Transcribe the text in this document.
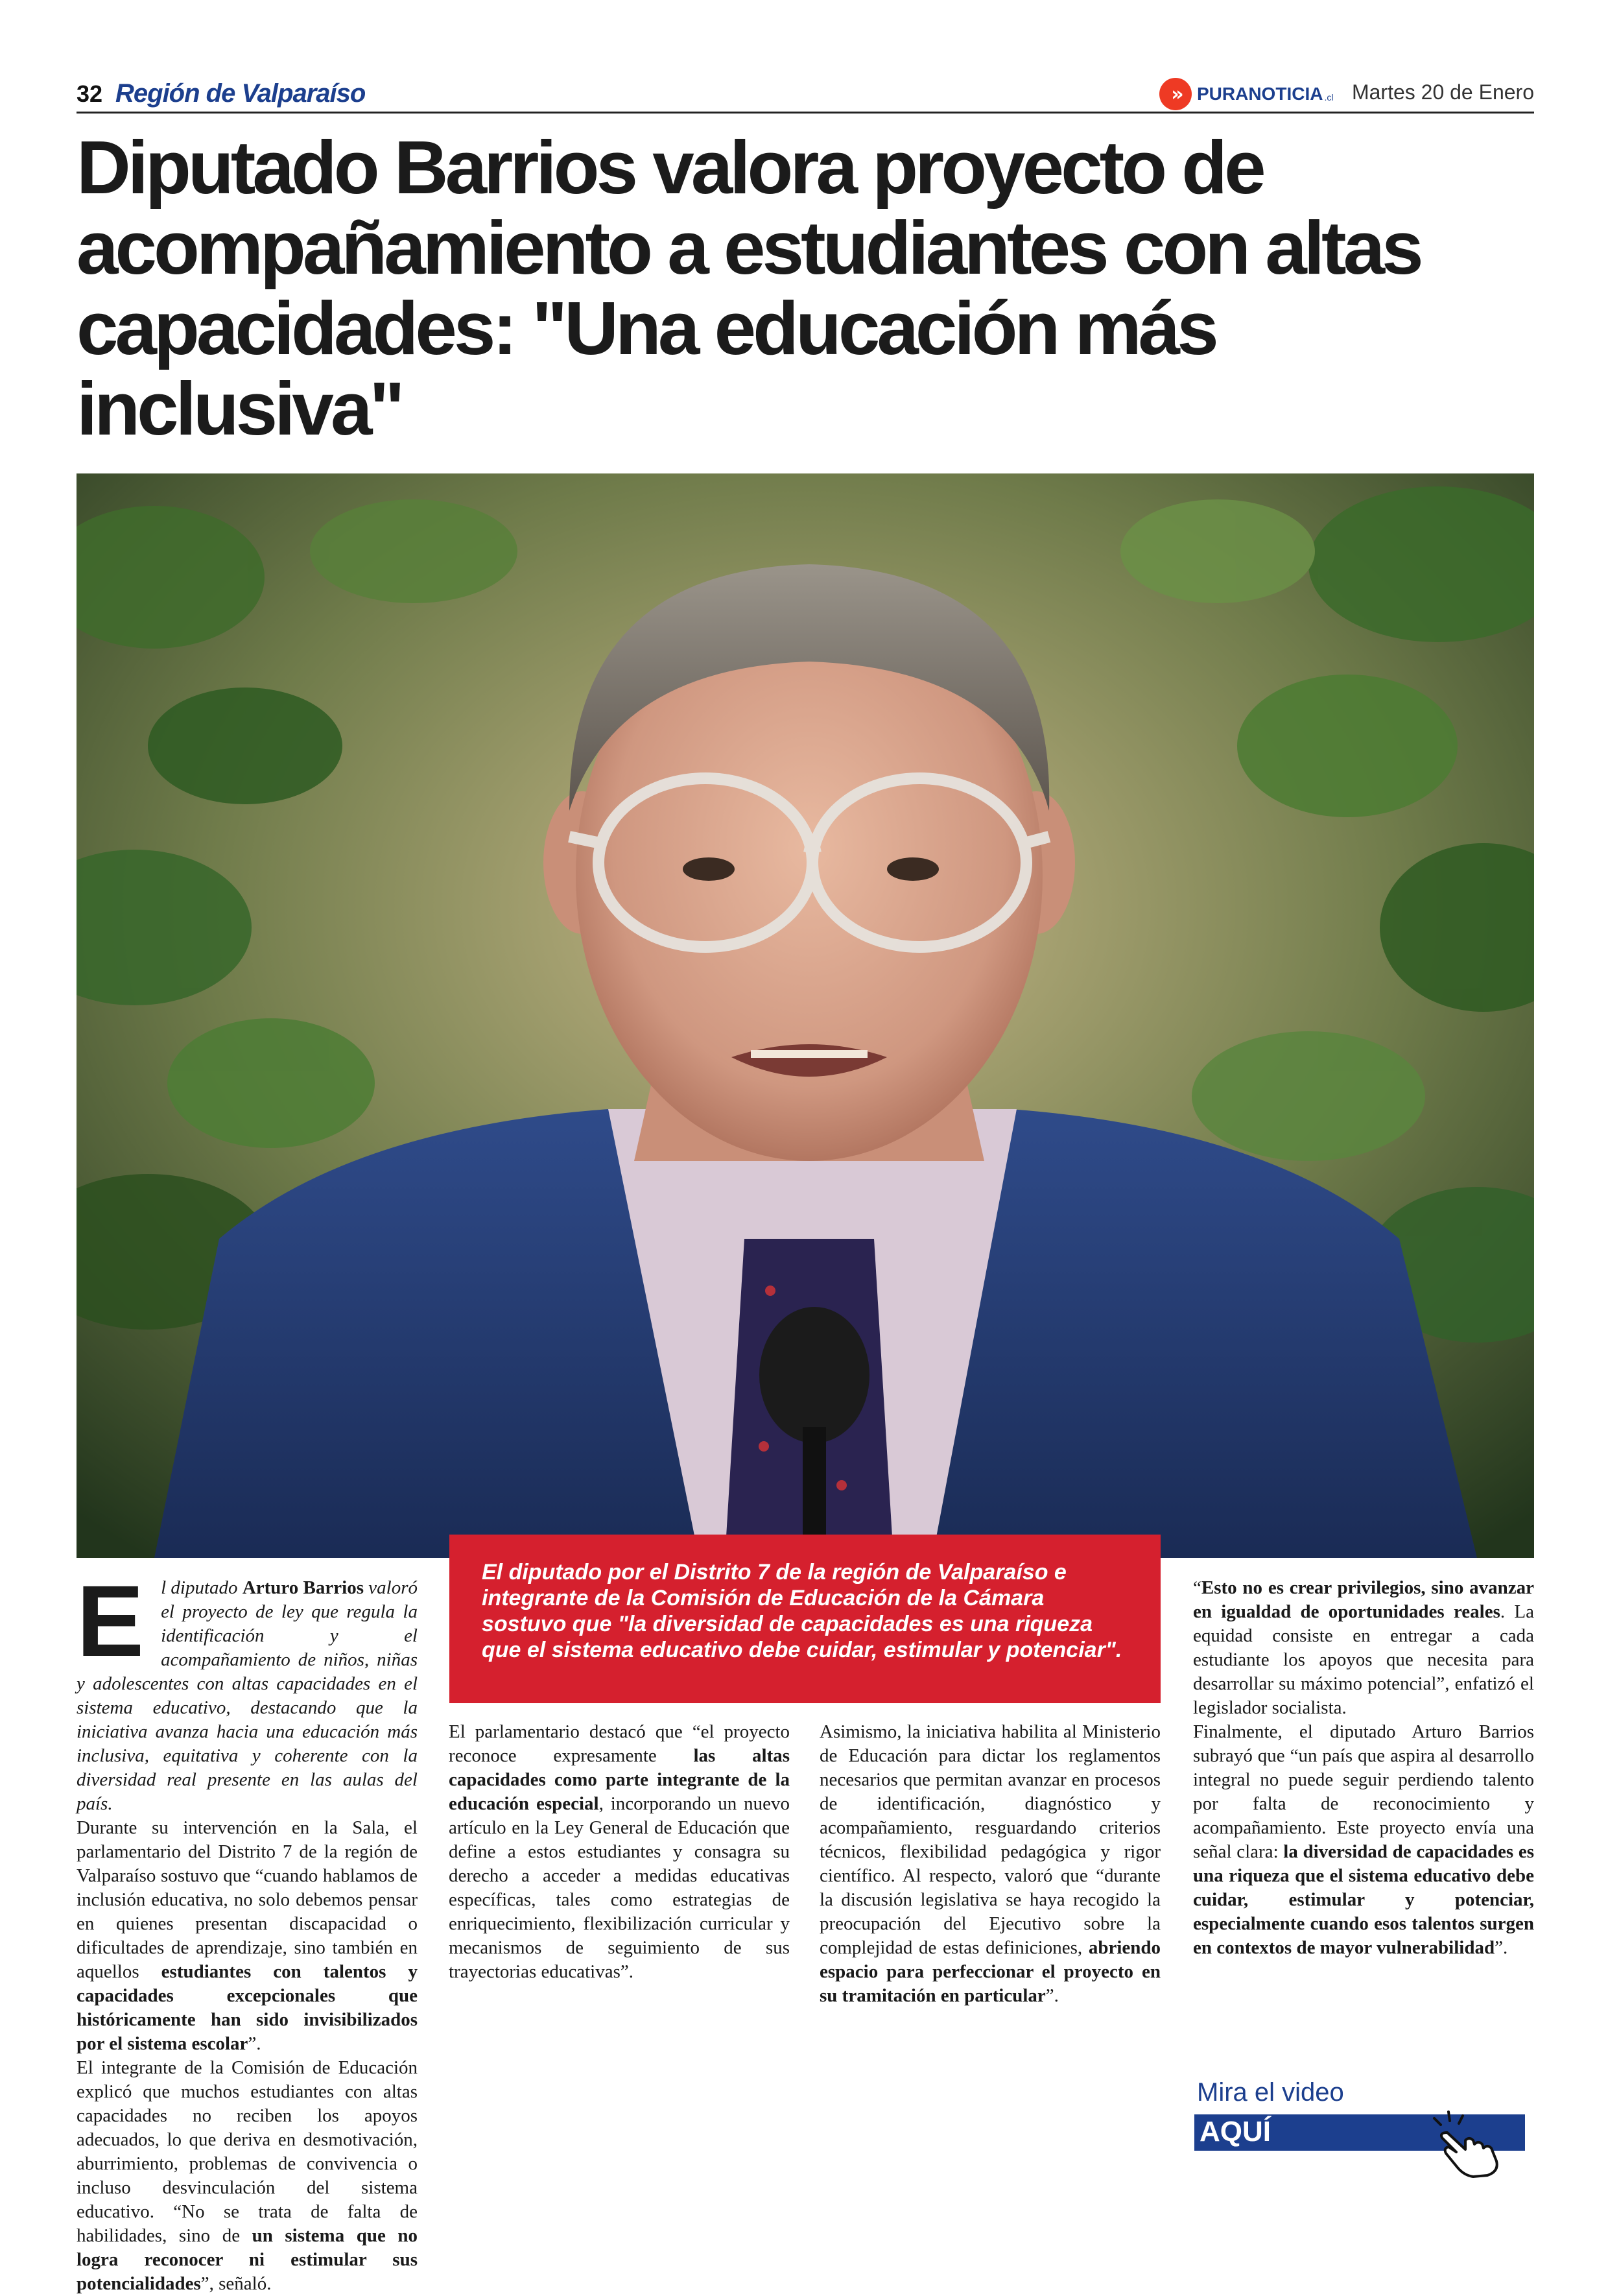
32 Región de Valparaíso	» PURANOTICIA .cl Martes 20 de Enero
Diputado Barrios valora proyecto de acompañamiento a estudiantes con altas capacidades: "Una educación más inclusiva"

El diputado por el Distrito 7 de la región de Valparaíso e integrante de la Comisión de Educación de la Cámara sostuvo que "la diversidad de capacidades es una riqueza que el sistema educativo debe cuidar, estimular y potenciar".

El diputado Arturo Barrios valoró el proyecto de ley que regula la identificación y el acompañamiento de niños, niñas y adolescentes con altas capacidades en el sistema educativo, destacando que la iniciativa avanza hacia una educación más inclusiva, equitativa y coherente con la diversidad real presente en las aulas del país.

Durante su intervención en la Sala, el parlamentario del Distrito 7 de la región de Valparaíso sostuvo que “cuando hablamos de inclusión educativa, no solo debemos pensar en quienes presentan discapacidad o dificultades de aprendizaje, sino también en aquellos estudiantes con talentos y capacidades excepcionales que históricamente han sido invisibilizados por el sistema escolar”.

El integrante de la Comisión de Educación explicó que muchos estudiantes con altas capacidades no reciben los apoyos adecuados, lo que deriva en desmotivación, aburrimiento, problemas de convivencia o incluso desvinculación del sistema educativo. “No se trata de falta de habilidades, sino de un sistema que no logra reconocer ni estimular sus potencialidades”, señaló.

El parlamentario destacó que “el proyecto reconoce expresamente las altas capacidades como parte integrante de la educación especial, incorporando un nuevo artículo en la Ley General de Educación que define a estos estudiantes y consagra su derecho a acceder a medidas educativas específicas, tales como estrategias de enriquecimiento, flexibilización curricular y mecanismos de seguimiento de sus trayectorias educativas”.

Asimismo, la iniciativa habilita al Ministerio de Educación para dictar los reglamentos necesarios que permitan avanzar en procesos de identificación, diagnóstico y acompañamiento, resguardando criterios técnicos, flexibilidad pedagógica y rigor científico. Al respecto, valoró que “durante la discusión legislativa se haya recogido la preocupación del Ejecutivo sobre la complejidad de estas definiciones, abriendo espacio para perfeccionar el proyecto en su tramitación en particular”.

“Esto no es crear privilegios, sino avanzar en igualdad de oportunidades reales. La equidad consiste en entregar a cada estudiante los apoyos que necesita para desarrollar su máximo potencial”, enfatizó el legislador socialista.

Finalmente, el diputado Arturo Barrios subrayó que “un país que aspira al desarrollo integral no puede seguir perdiendo talento por falta de reconocimiento y acompañamiento. Este proyecto envía una señal clara: la diversidad de capacidades es una riqueza que el sistema educativo debe cuidar, estimular y potenciar, especialmente cuando esos talentos surgen en contextos de mayor vulnerabilidad”.

Mira el video
AQUÍ
